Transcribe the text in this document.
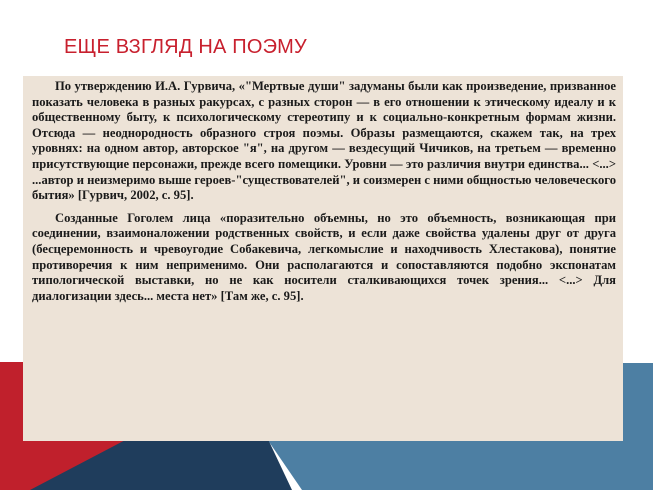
ЕЩЕ ВЗГЛЯД НА ПОЭМУ

По утверждению И.А. Гурвича, «"Мертвые души" задуманы были как произведение, призванное показать человека в разных ракурсах, с разных сторон — в его отношении к этическому идеалу и к общественному быту, к психологическому стереотипу и к социально-конкретным формам жизни. Отсюда — неоднородность образного строя поэмы. Образы размещаются, скажем так, на трех уровнях: на одном автор, авторское "я", на другом — вездесущий Чичиков, на третьем — временно присутствующие персонажи, прежде всего помещики. Уровни — это различия внутри единства... <...> ...автор и неизмеримо выше героев-"существователей", и соизмерен с ними общностью человеческого бытия» [Гурвич, 2002, с. 95].

Созданные Гоголем лица «поразительно объемны, но это объемность, возникающая при соединении, взаимоналожении родственных свойств, и если даже свойства удалены друг от друга (бесцеремонность и чревоугодие Собакевича, легкомыслие и находчивость Хлестакова), понятие противоречия к ним неприменимо. Они располагаются и сопоставляются подобно экспонатам типологической выставки, но не как носители сталкивающихся точек зрения... <...> Для диалогизации здесь... места нет» [Там же, с. 95].
